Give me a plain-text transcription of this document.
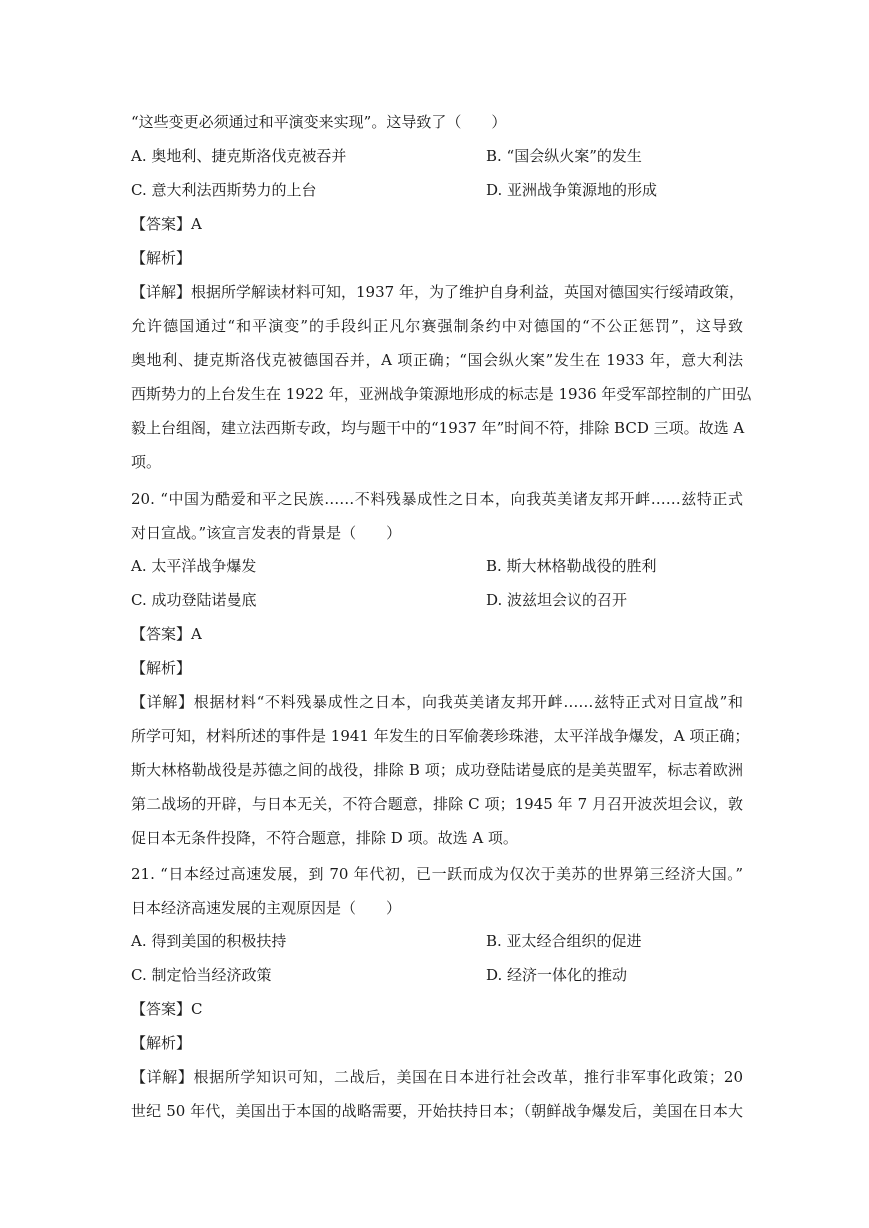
“这些变更必须通过和平演变来实现”。这导致了（　　）
A. 奥地利、捷克斯洛伐克被吞并	B. “国会纵火案”的发生
C. 意大利法西斯势力的上台	D. 亚洲战争策源地的形成
【答案】A
【解析】
【详解】根据所学解读材料可知，1937 年，为了维护自身利益，英国对德国实行绥靖政策，
允许德国通过“和平演变”的手段纠正凡尔赛强制条约中对德国的“不公正惩罚”，这导致
奥地利、捷克斯洛伐克被德国吞并，A 项正确；“国会纵火案”发生在 1933 年，意大利法
西斯势力的上台发生在 1922 年，亚洲战争策源地形成的标志是 1936 年受军部控制的广田弘
毅上台组阁，建立法西斯专政，均与题干中的“1937 年”时间不符，排除 BCD 三项。故选 A
项。
20. “中国为酷爱和平之民族……不料残暴成性之日本，向我英美诸友邦开衅……兹特正式
对日宣战。”该宣言发表的背景是（　　）
A. 太平洋战争爆发	B. 斯大林格勒战役的胜利
C. 成功登陆诺曼底	D. 波兹坦会议的召开
【答案】A
【解析】
【详解】根据材料“不料残暴成性之日本，向我英美诸友邦开衅……兹特正式对日宣战”和
所学可知，材料所述的事件是 1941 年发生的日军偷袭珍珠港，太平洋战争爆发，A 项正确；
斯大林格勒战役是苏德之间的战役，排除 B 项；成功登陆诺曼底的是美英盟军，标志着欧洲
第二战场的开辟，与日本无关，不符合题意，排除 C 项；1945 年 7 月召开波茨坦会议，敦
促日本无条件投降，不符合题意，排除 D 项。故选 A 项。
21. “日本经过高速发展，到 70 年代初，已一跃而成为仅次于美苏的世界第三经济大国。”
日本经济高速发展的主观原因是（　　）
A. 得到美国的积极扶持	B. 亚太经合组织的促进
C. 制定恰当经济政策	D. 经济一体化的推动
【答案】C
【解析】
【详解】根据所学知识可知，二战后，美国在日本进行社会改革，推行非军事化政策；20
世纪 50 年代，美国出于本国的战略需要，开始扶持日本；（朝鲜战争爆发后，美国在日本大
